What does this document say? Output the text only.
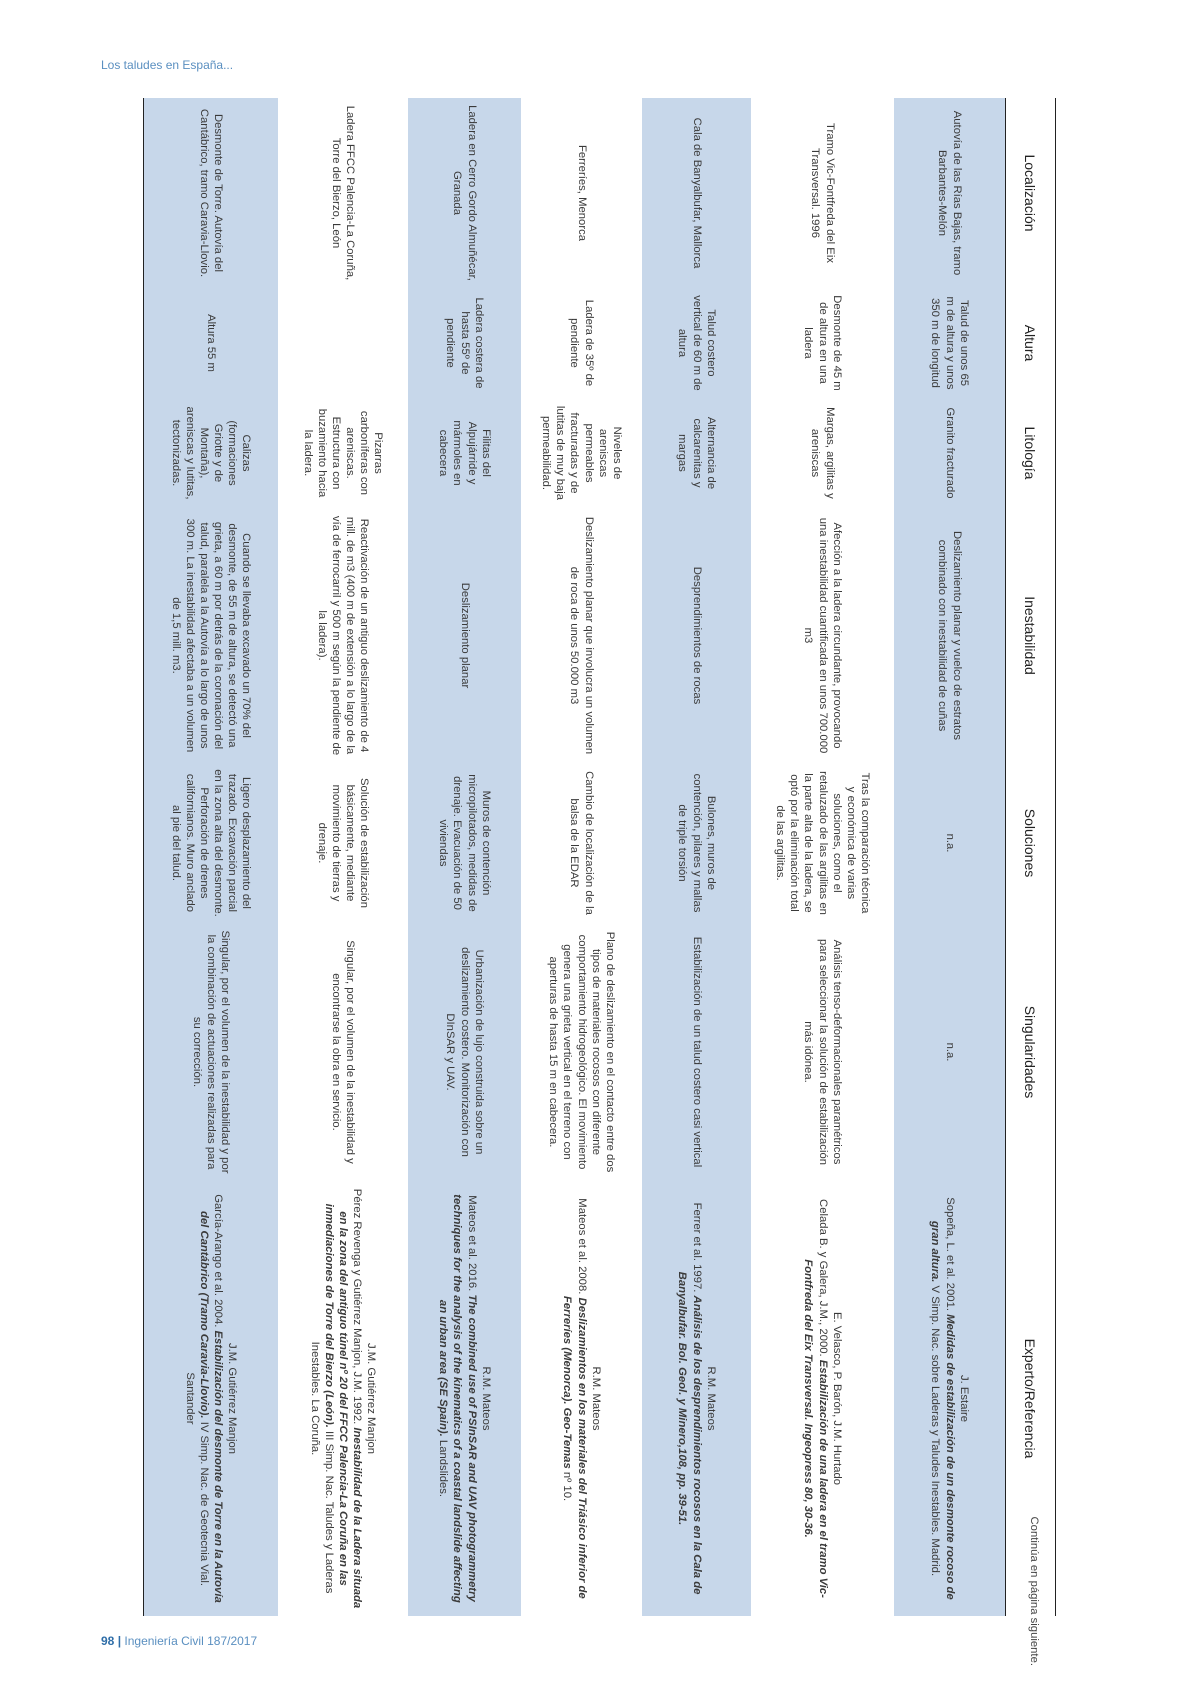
Los taludes en España...
Localización	Altura	Litología	Inestabilidad	Soluciones	Singularidades	Experto/Referencia
Autovía de las Rías Bajas, tramo Barbantes-Melón	Talud de unos 65 m de altura y unos 350 m de longitud	Granito fracturado	Deslizamiento planar y vuelco de estratos combinado con inestabilidad de cuñas	n.a.	n.a.	J. Estaire
Sopeña, L. et al. 2001. Medidas de estabilización de un desmonte rocoso de gran altura. V Simp. Nac. sobre Laderas y Taludes Inestables. Madrid.

Tramo Vic-Fontfreda del Eix Transversal. 1996	Desmonte de 45 m de altura en una ladera	Margas, argilitas y areniscas	Afección a la ladera circundante, provocando una inestabilidad cuantificada en unos 700.000 m3	Tras la comparación técnica y económica de varias soluciones, como el retaluzado de las argilitas en la parte alta de la ladera, se optó por la eliminación total de las argilitas.	Análisis tenso-deformacionales paramétricos para seleccionar la solución de estabilización más idónea.	E. Velasco, P. Barón, J.M. Hurtado
Celada B. y Galera, J.M., 2000. Estabilización de una ladera en el tramo Vic-Fontfreda del Eix Transversal. Ingeopress 80, 30-36.

Cala de Banyalbufar, Mallorca	Talud costero vertical de 60 m de altura	Alternancia de calcarenitas y margas	Desprendimientos de rocas	Bulones, muros de contención, pilares y mallas de triple torsión	Estabilización de un talud costero casi vertical	R.M. Mateos
Ferrer et al. 1997. Análisis de los desprendimientos rocosos en la Cala de Banyalbufar. Bol. Geol. y Minero,108, pp. 39-51.

Ferreríes, Menorca	Ladera de 35º de pendiente	Niveles de areniscas permeables fracturadas y de lutitas de muy baja permeabilidad.	Deslizamiento planar que involucra un volumen de roca de unos 50.000 m3	Cambio de localización de la balsa de la EDAR	Plano de deslizamiento en el contacto entre dos tipos de materiales rocosos con diferente comportamiento hidrogeológico. El movimiento genera una grieta vertical en el terreno con aperturas de hasta 15 m en cabecera.	R.M. Mateos
Mateos et al. 2008. Deslizamientos en los materiales del Triásico inferior de Ferreríes (Menorca). Geo-Temas nº 10.

Ladera en Cerro Gordo Almuñécar, Granada	Ladera costera de hasta 55º de pendiente	Filitas del Alpujárride y mármoles en cabecera	Deslizamiento planar	Muros de contención micropilotados, medidas de drenaje. Evacuación de 50 viviendas	Urbanización de lujo construida sobre un deslizamiento costero. Monitorización con DInSAR y UAV.	R.M. Mateos
Mateos et al. 2016. The combined use of PSInSAR and UAV photogrammetry techniques for the analysis of the kinematics of a coastal landslide affecting an urban area (SE Spain). Landslides.

Ladera FFCC Palencia-La Coruña, Torre del Bierzo, León		Pizarras carboníferas con areniscas. Estructura con buzamiento hacia la ladera.	Reactivación de un antiguo deslizamiento de 4 mill. de m3 (400 m de extensión a lo largo de la vía de ferrocarril y 500 m según la pendiente de la ladera).	Solución de estabilización básicamente, mediante movimiento de tierras y drenaje.	Singular, por el volumen de la inestabilidad y encontrarse la obra en servicio.	J.M. Gutiérrez Manjon
Pérez Revenga y Gutiérrez Manjon, J.M. 1992. Inestabilidad de la Ladera situada en la zona del antiguo túnel nº 20 del FFCC Palencia-La Coruña en las inmediaciones de Torre del Bierzo (León). III Simp. Nac. Taludes y Laderas Inestables. La Coruña.

Desmonte de Torre. Autovía del Cantábrico, tramo Caravia-Llovio.	Altura 55 m	Calizas (formaciones Griotte y de Montaña), areniscas y lutitas, tectonizadas.	Cuando se llevaba excavado un 70% del desmonte, de 55 m de altura, se detectó una grieta, a 60 m por detrás de la coronación del talud, paralela a la Autovía a lo largo de unos 300 m. La inestabilidad afectaba a un volumen de 1,5 mill. m3.	Ligero desplazamiento del trazado. Excavación parcial en la zona alta del desmonte. Perforación de drenes californianos. Muro anclado al pie del talud.	Singular, por el volumen de la inestabilidad y por la combinación de actuaciones realizadas para su corrección.	J.M. Gutiérrez Manjon
García-Arango et al. 2004. Estabilización del desmonte de Torre en la Autovía del Cantábrico (Tramo Caravia-Llovio). IV Simp. Nac. de Geotecnia Vial. Santander
Continúa en página siguiente.
98 | Ingeniería Civil 187/2017
